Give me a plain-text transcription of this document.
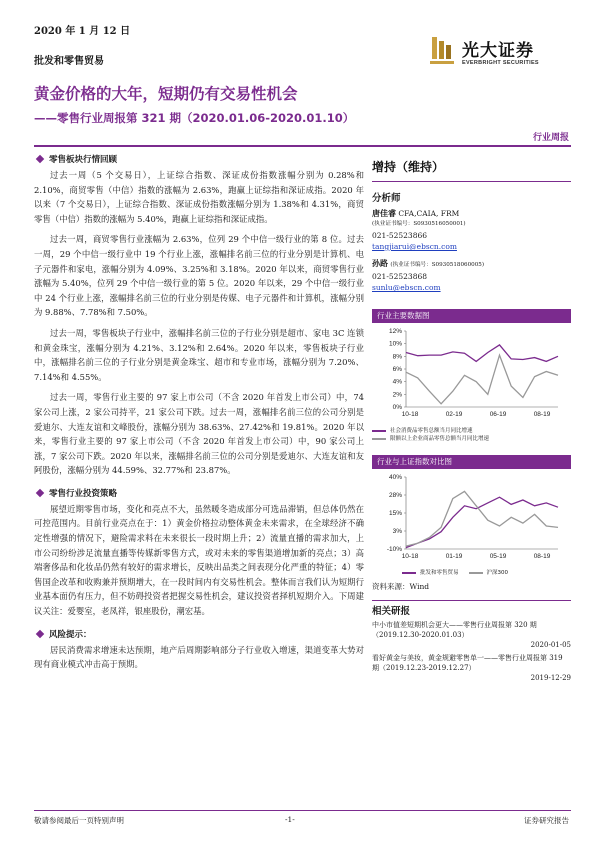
2020 年 1 月 12 日
批发和零售贸易
光大证券
EVERBRIGHT SECURITIES
黄金价格的大年，短期仍有交易性机会
——零售行业周报第 321 期（2020.01.06-2020.01.10）
行业周报
零售板块行情回顾

过去一周（5 个交易日），上证综合指数、深证成份指数涨幅分别为 0.28%和 2.10%，商贸零售（中信）指数的涨幅为 2.63%，跑赢上证综指和深证成指。2020 年以来（7 个交易日），上证综合指数、深证成份指数涨幅分别为 1.38%和 4.31%，商贸零售（中信）指数的涨幅为 5.40%，跑赢上证综指和深证成指。

过去一周，商贸零售行业涨幅为 2.63%，位列 29 个中信一级行业的第 8 位。过去一周，29 个中信一级行业中 19 个行业上涨，涨幅排名前三位的行业分别是计算机、电子元器件和家电，涨幅分别为 4.09%、3.25%和 3.18%。2020 年以来，商贸零售行业涨幅为 5.40%，位列 29 个中信一级行业的第 5 位。2020 年以来，29 个中信一级行业中 24 个行业上涨，涨幅排名前三位的行业分别是传媒、电子元器件和计算机，涨幅分别为 9.88%、7.78%和 7.50%。

过去一周，零售板块子行业中，涨幅排名前三位的子行业分别是超市、家电 3C 连锁和黄金珠宝，涨幅分别为 4.21%、3.12%和 2.64%。2020 年以来，零售板块子行业中，涨幅排名前三位的子行业分别是黄金珠宝、超市和专业市场，涨幅分别为 7.20%、7.14%和 4.55%。

过去一周，零售行业主要的 97 家上市公司（不含 2020 年首发上市公司）中，74 家公司上涨，2 家公司持平，21 家公司下跌。过去一周，涨幅排名前三位的公司分别是爱迪尔、大连友谊和文峰股份，涨幅分别为 38.63%、27.42%和 19.81%。2020 年以来，零售行业主要的 97 家上市公司（不含 2020 年首发上市公司）中，90 家公司上涨，7 家公司下跌。2020 年以来，涨幅排名前三位的公司分别是爱迪尔、大连友谊和友阿股份，涨幅分别为 44.59%、32.77%和 23.87%。

零售行业投资策略

展望近期零售市场，变化和亮点不大，虽然暖冬造成部分可选品滞销，但总体仍然在可控范围内。目前行业亮点在于：1）黄金价格拉动整体黄金未来需求，在全球经济不确定性增强的情况下，避险需求料在未来很长一段时期上升；2）流量直播的需求加大，上市公司纷纷涉足流量直播等传媒新零售方式，或对未来的零售渠道增加新的亮点；3）高端奢侈品和化妆品仍然有较好的需求增长，反映出品类之间表现分化严重的特征；4）零售国企改革和收购兼并预期增大，在一段时间内有交易性机会。整体而言我们认为短期行业基本面仍有压力，但不妨碍投资者把握交易性机会，建议投资者择机短期介入。下周建议关注：爱婴室，老凤祥，银座股份，潮宏基。

风险提示：

居民消费需求增速未达预期，地产后周期影响部分子行业收入增速，渠道变革大势对现有商业模式冲击高于预期。

增持（维持）
分析师
唐佳睿 CFA,CAIA, FRM
(执业证书编号：S0930516050001)
021-52523866
tangjiarui@ebscn.com
孙路 (执业证书编号：S0930518060005)
021-52523868
sunlu@ebscn.com
行业主要数据图
0%
2%
4%
6%
8%
10%
12%
10-18	02-19	06-19	08-19
社会消费品零售总额当月同比增速
限额以上企业商品零售总额当月同比增速
行业与上证指数对比图
-10%
3%
15%
28%
40%
10-18	01-19	05-19	08-19
批发和零售贸易	沪深300
资料来源：Wind
相关研报
中小市值差短期机会更大——零售行业周报第 320 期（2019.12.30-2020.01.03）
2020-01-05
看好黄金与美妆，黄金规避零售单一——零售行业周报第 319 期（2019.12.23-2019.12.27）
2019-12-29
敬请参阅最后一页特别声明	-1-	证券研究报告
